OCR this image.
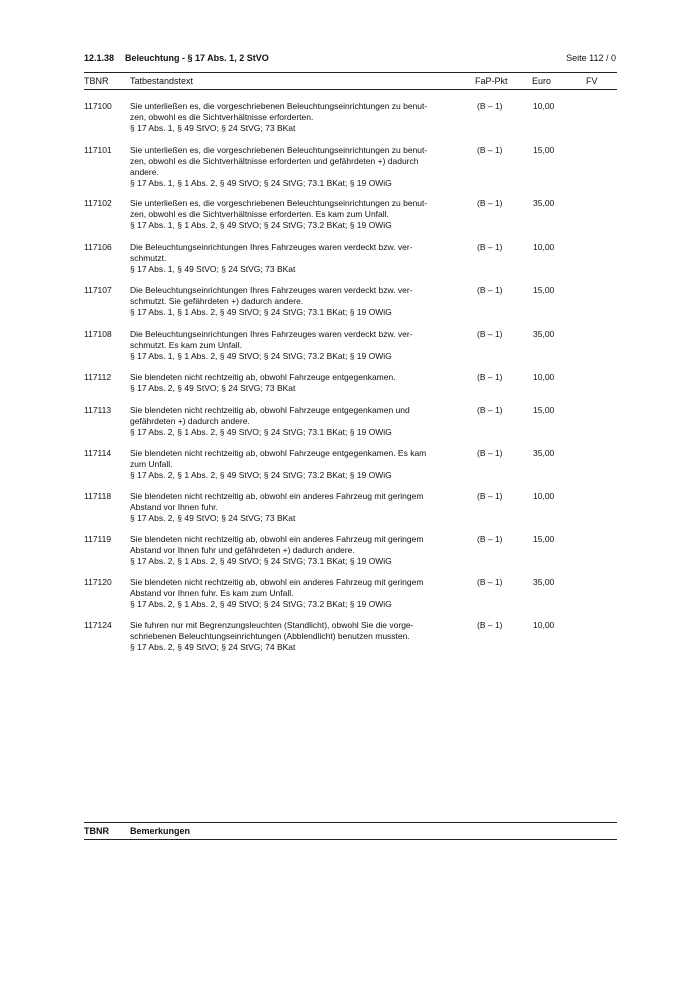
12.1.38 Beleuchtung - § 17 Abs. 1, 2 StVO	Seite 112 / 0
TBNR Tatbestandstext	FaP-Pkt	Euro	FV
117100 Sie unterließen es, die vorgeschriebenen Beleuchtungseinrichtungen zu benut-
zen, obwohl es die Sichtverhältnisse erforderten.
§ 17 Abs. 1, § 49 StVO; § 24 StVG; 73 BKat
(B – 1)	10,00
117101 Sie unterließen es, die vorgeschriebenen Beleuchtungseinrichtungen zu benut-
zen, obwohl es die Sichtverhältnisse erforderten und gefährdeten +) dadurch
andere.
§ 17 Abs. 1, § 1 Abs. 2, § 49 StVO; § 24 StVG; 73.1 BKat; § 19 OWiG
(B – 1)	15,00
117102 Sie unterließen es, die vorgeschriebenen Beleuchtungseinrichtungen zu benut-
zen, obwohl es die Sichtverhältnisse erforderten. Es kam zum Unfall.
§ 17 Abs. 1, § 1 Abs. 2, § 49 StVO; § 24 StVG; 73.2 BKat; § 19 OWiG
(B – 1)	35,00
117106 Die Beleuchtungseinrichtungen Ihres Fahrzeuges waren verdeckt bzw. ver-
schmutzt.
§ 17 Abs. 1, § 49 StVO; § 24 StVG; 73 BKat
(B – 1)	10,00
117107 Die Beleuchtungseinrichtungen Ihres Fahrzeuges waren verdeckt bzw. ver-
schmutzt. Sie gefährdeten +) dadurch andere.
§ 17 Abs. 1, § 1 Abs. 2, § 49 StVO; § 24 StVG; 73.1 BKat; § 19 OWiG
(B – 1)	15,00
117108 Die Beleuchtungseinrichtungen Ihres Fahrzeuges waren verdeckt bzw. ver-
schmutzt. Es kam zum Unfall.
§ 17 Abs. 1, § 1 Abs. 2, § 49 StVO; § 24 StVG; 73.2 BKat; § 19 OWiG
(B – 1)	35,00
117112 Sie blendeten nicht rechtzeitig ab, obwohl Fahrzeuge entgegenkamen.
§ 17 Abs. 2, § 49 StVO; § 24 StVG; 73 BKat
(B – 1)	10,00
117113 Sie blendeten nicht rechtzeitig ab, obwohl Fahrzeuge entgegenkamen und
gefährdeten +) dadurch andere.
§ 17 Abs. 2, § 1 Abs. 2, § 49 StVO; § 24 StVG; 73.1 BKat; § 19 OWiG
(B – 1)	15,00
117114 Sie blendeten nicht rechtzeitig ab, obwohl Fahrzeuge entgegenkamen. Es kam
zum Unfall.
§ 17 Abs. 2, § 1 Abs. 2, § 49 StVO; § 24 StVG; 73.2 BKat; § 19 OWiG
(B – 1)	35,00
117118 Sie blendeten nicht rechtzeitig ab, obwohl ein anderes Fahrzeug mit geringem
Abstand vor Ihnen fuhr.
§ 17 Abs. 2, § 49 StVO; § 24 StVG; 73 BKat
(B – 1)	10,00
117119 Sie blendeten nicht rechtzeitig ab, obwohl ein anderes Fahrzeug mit geringem
Abstand vor Ihnen fuhr und gefährdeten +) dadurch andere.
§ 17 Abs. 2, § 1 Abs. 2, § 49 StVO; § 24 StVG; 73.1 BKat; § 19 OWiG
(B – 1)	15,00
117120 Sie blendeten nicht rechtzeitig ab, obwohl ein anderes Fahrzeug mit geringem
Abstand vor Ihnen fuhr. Es kam zum Unfall.
§ 17 Abs. 2, § 1 Abs. 2, § 49 StVO; § 24 StVG; 73.2 BKat; § 19 OWiG
(B – 1)	35,00
117124 Sie fuhren nur mit Begrenzungsleuchten (Standlicht), obwohl Sie die vorge-
schriebenen Beleuchtungseinrichtungen (Abblendlicht) benutzen mussten.
§ 17 Abs. 2, § 49 StVO; § 24 StVG; 74 BKat
(B – 1)	10,00
TBNR Bemerkungen
